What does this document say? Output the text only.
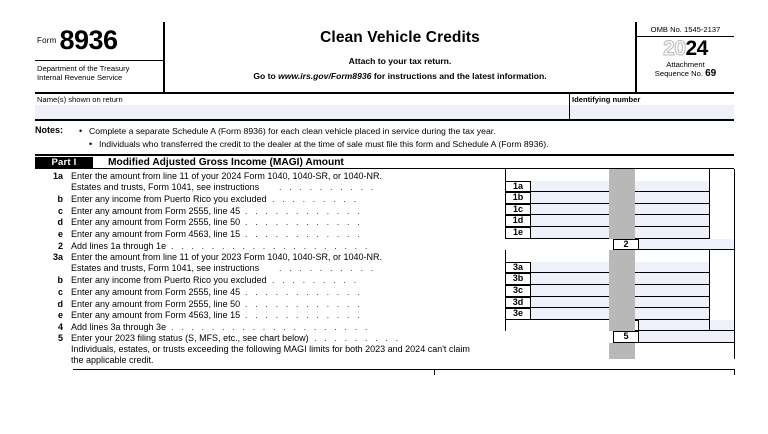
$^{Form}$ 8936
Department of the Treasury
Internal Revenue Service
Clean Vehicle Credits
Attach to your tax return.
Go to www.irs.gov/Form8936 for instructions and the latest information.
OMB No. 1545-2137
2024
Attachment
Sequence No. 69
Name(s) shown on return	Identifying number
Notes:	• Complete a separate Schedule A (Form 8936) for each clean vehicle placed in service during the tax year.
• Individuals who transferred the credit to the dealer at the time of sale must file this form and Schedule A (Form 8936).
Part I	Modified Adjusted Gross Income (MAGI) Amount
1a Enter the amount from line 11 of your 2024 Form 1040, 1040-SR, or 1040-NR.
Estates and trusts, Form 1041, see instructions . . . . . . . . . .	1a
b Enter any income from Puerto Rico you excluded . . . . . . . . .	1b
c Enter any amount from Form 2555, line 45 . . . . . . . . . . . .	1c
d Enter any amount from Form 2555, line 50 . . . . . . . . . . . .	1d
e Enter any amount from Form 4563, line 15 . . . . . . . . . . . .	1e
2 Add lines 1a through 1e . . . . . . . . . . . . . . . . . . . .	2
3a Enter the amount from line 11 of your 2023 Form 1040, 1040-SR, or 1040-NR.
Estates and trusts, Form 1041, see instructions . . . . . . . . . .	3a
b Enter any income from Puerto Rico you excluded . . . . . . . . .	3b
c Enter any amount from Form 2555, line 45 . . . . . . . . . . . .	3c
d Enter any amount from Form 2555, line 50 . . . . . . . . . . . .	3d
e Enter any amount from Form 4563, line 15 . . . . . . . . . . . .	3e
4 Add lines 3a through 3e . . . . . . . . . . . . . . . . . . . .
5 Enter your 2023 filing status (S, MFS, etc., see chart below) . . . . . . . . .	5
Individuals, estates, or trusts exceeding the following MAGI limits for both 2023 and 2024 can't claim
the applicable credit.
